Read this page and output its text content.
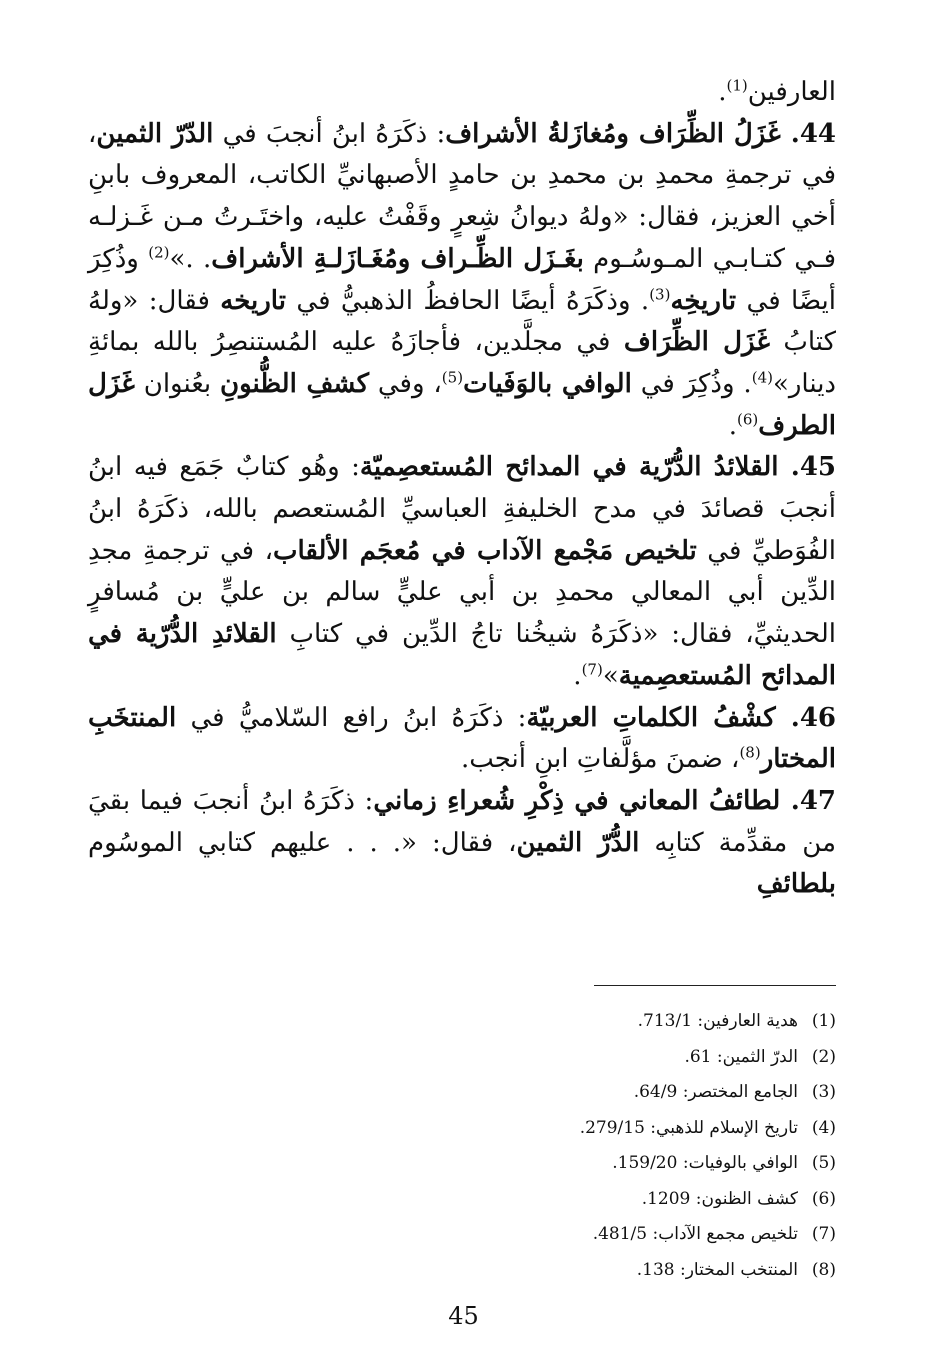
العارفين$^{(1)}$.

44. غَزَلُ الظِّرَاف ومُغازَلةُ الأشراف: ذكَرَهُ ابنُ أنجبَ في الدّرّ الثمين، في ترجمةِ محمدِ بن محمدِ بن حامدٍ الأصبهانيِّ الكاتب، المعروف بابنِ أخي العزيز، فقال: «ولهُ ديوانُ شِعرٍ وقَفْتُ عليه، واختَـرتُ مـن غَـزلـه فـي كتـابـي المـوسُـوم بغَـزَل الظِّـراف ومُغَـازَلـةِ الأشراف. .»$^{(2)}$ وذُكِرَ أيضًا في تاريخِه$^{(3)}$. وذكَرَهُ أيضًا الحافظُ الذهبيُّ في تاريخه فقال: «ولهُ كتابُ غَزَل الظِّرَاف في مجلَّدين، فأجازَهُ عليه المُستنصِرُ بالله بمائةِ دينار»$^{(4)}$. وذُكِرَ في الوافي بالوَفَيات$^{(5)}$، وفي كشفِ الظُّنونِ بعُنوان غَزَل الطرف$^{(6)}$.

45. القلائدُ الدُّرّية في المدائح المُستعصِميّة: وهُو كتابٌ جَمَع فيه ابنُ أنجبَ قصائدَ في مدح الخليفةِ العباسيِّ المُستعصم بالله، ذكَرَهُ ابنُ الفُوَطيِّ في تلخيص مَجْمع الآداب في مُعجَم الألقاب، في ترجمةِ مجدِ الدِّين أبي المعالي محمدِ بن أبي عليٍّ سالم بن عليٍّ بن مُسافرٍ الحديثيِّ، فقال: «ذكَرَهُ شيخُنا تاجُ الدِّين في كتابِ القلائدِ الدُّرّية في المدائح المُستعصِمية»$^{(7)}$.

46. كشْفُ الكلماتِ العربيّة: ذكَرَهُ ابنُ رافع السّلاميُّ في المنتخَبِ المختار$^{(8)}$، ضمنَ مؤلَّفاتِ ابنِ أنجب.

47. لطائفُ المعاني في ذِكْرِ شُعراءِ زماني: ذكَرَهُ ابنُ أنجبَ فيما بقيَ من مقدِّمة كتابِه الدُّرّ الثمين، فقال: «. . . عليهم كتابي الموسُوم بلطائفِ

(1)هدية العارفين: 713/1.
(2)الدرّ الثمين: 61.
(3)الجامع المختصر: 64/9.
(4)تاريخ الإسلام للذهبي: 279/15.
(5)الوافي بالوفيات: 159/20.
(6)كشف الظنون: 1209.
(7)تلخيص مجمع الآداب: 481/5.
(8)المنتخب المختار: 138.
45
